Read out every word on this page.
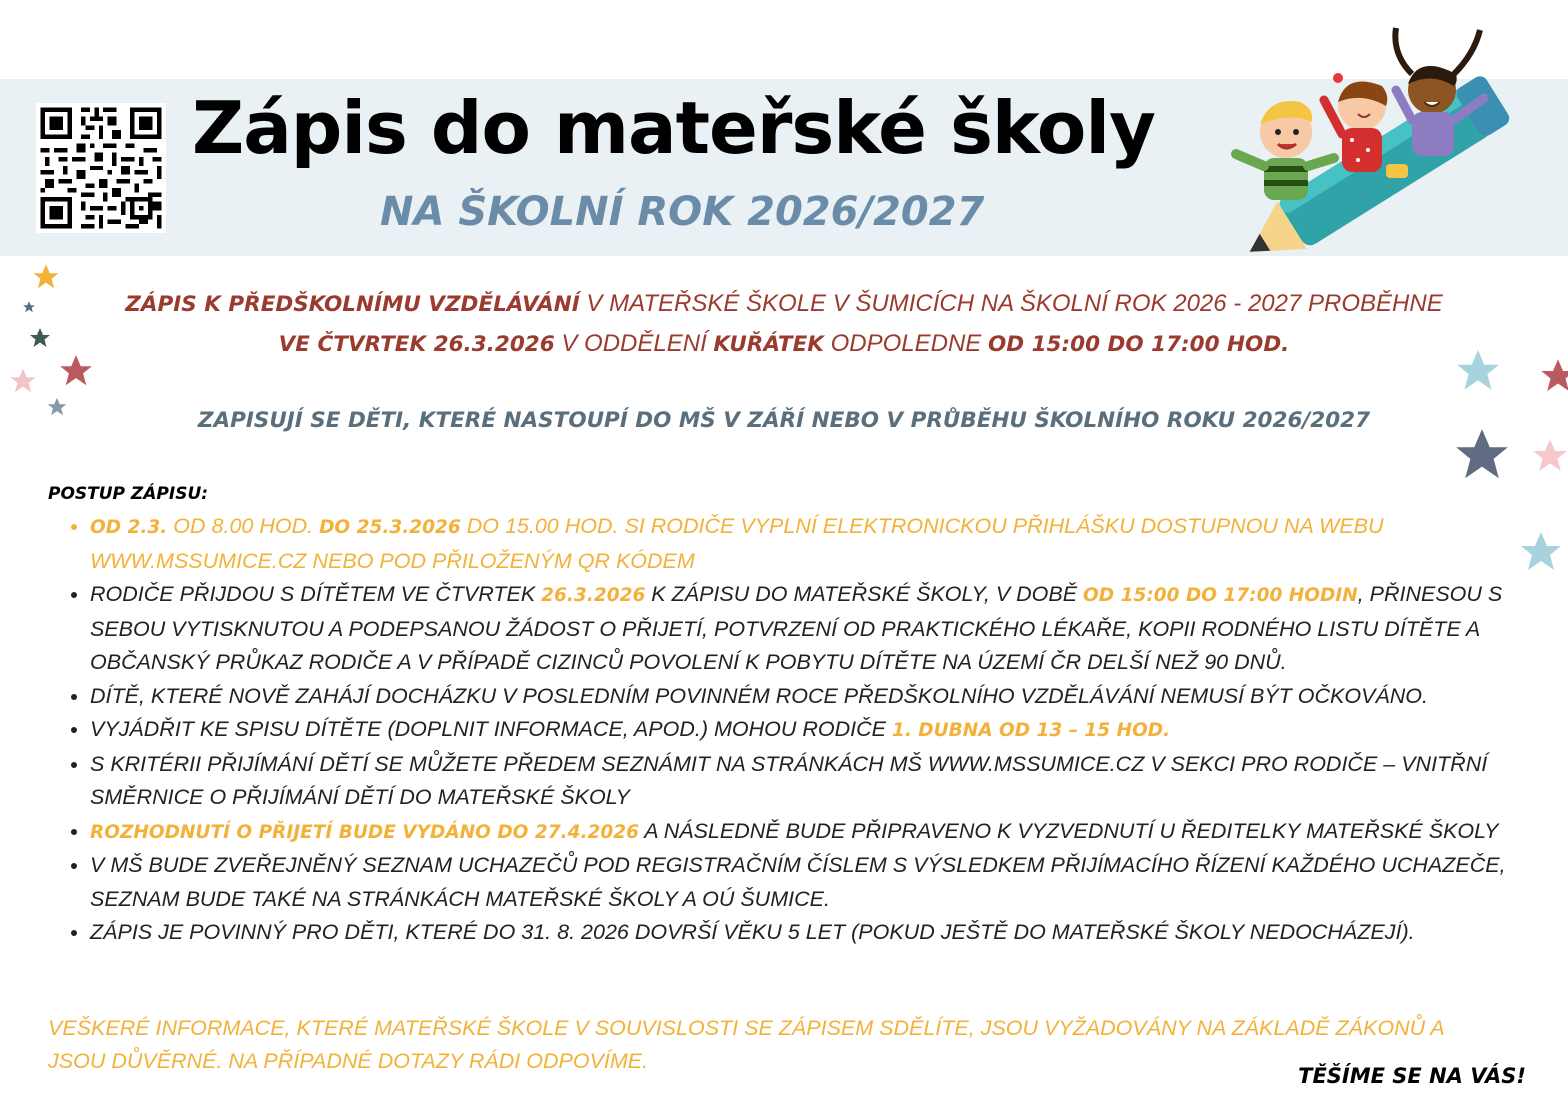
Zápis do mateřské školy
NA ŠKOLNÍ ROK 2026/2027
ZÁPIS K PŘEDŠKOLNÍMU VZDĚLÁVÁNÍ V MATEŘSKÉ ŠKOLE V ŠUMICÍCH NA ŠKOLNÍ ROK 2026 - 2027 PROBĚHNE
VE ČTVRTEK 26.3.2026 V ODDĚLENÍ KUŘÁTEK ODPOLEDNE OD 15:00 DO 17:00 HOD.
ZAPISUJÍ SE DĚTI, KTERÉ NASTOUPÍ DO MŠ V ZÁŘÍ NEBO V PRŮBĚHU ŠKOLNÍHO ROKU 2026/2027
POSTUP ZÁPISU:
• OD 2.3. OD 8.00 HOD. DO 25.3.2026 DO 15.00 HOD. SI RODIČE VYPLNÍ ELEKTRONICKOU PŘIHLÁŠKU DOSTUPNOU NA WEBU WWW.MSSUMICE.CZ NEBO POD PŘILOŽENÝM QR KÓDEM
• RODIČE PŘIJDOU S DÍTĚTEM VE ČTVRTEK 26.3.2026 K ZÁPISU DO MATEŘSKÉ ŠKOLY, V DOBĚ OD 15:00 DO 17:00 HODIN, PŘINESOU S SEBOU VYTISKNUTOU A PODEPSANOU ŽÁDOST O PŘIJETÍ, POTVRZENÍ OD PRAKTICKÉHO LÉKAŘE, KOPII RODNÉHO LISTU DÍTĚTE A OBČANSKÝ PRŮKAZ RODIČE A V PŘÍPADĚ CIZINCŮ POVOLENÍ K POBYTU DÍTĚTE NA ÚZEMÍ ČR DELŠÍ NEŽ 90 DNŮ.
• DÍTĚ, KTERÉ NOVĚ ZAHÁJÍ DOCHÁZKU V POSLEDNÍM POVINNÉM ROCE PŘEDŠKOLNÍHO VZDĚLÁVÁNÍ NEMUSÍ BÝT OČKOVÁNO.
• VYJÁDŘIT KE SPISU DÍTĚTE (DOPLNIT INFORMACE, APOD.) MOHOU RODIČE 1. DUBNA OD 13 – 15 HOD.
• S KRITÉRII PŘIJÍMÁNÍ DĚTÍ SE MŮŽETE PŘEDEM SEZNÁMIT NA STRÁNKÁCH MŠ WWW.MSSUMICE.CZ V SEKCI PRO RODIČE – VNITŘNÍ SMĚRNICE O PŘIJÍMÁNÍ DĚTÍ DO MATEŘSKÉ ŠKOLY
• ROZHODNUTÍ O PŘIJETÍ BUDE VYDÁNO DO 27.4.2026 A NÁSLEDNĚ BUDE PŘIPRAVENO K VYZVEDNUTÍ U ŘEDITELKY MATEŘSKÉ ŠKOLY
• V MŠ BUDE ZVEŘEJNĚNÝ SEZNAM UCHAZEČŮ POD REGISTRAČNÍM ČÍSLEM S VÝSLEDKEM PŘIJÍMACÍHO ŘÍZENÍ KAŽDÉHO UCHAZEČE, SEZNAM BUDE TAKÉ NA STRÁNKÁCH MATEŘSKÉ ŠKOLY A OÚ ŠUMICE.
• ZÁPIS JE POVINNÝ PRO DĚTI, KTERÉ DO 31. 8. 2026 DOVRŠÍ VĚKU 5 LET (POKUD JEŠTĚ DO MATEŘSKÉ ŠKOLY NEDOCHÁZEJÍ).
VEŠKERÉ INFORMACE, KTERÉ MATEŘSKÉ ŠKOLE V SOUVISLOSTI SE ZÁPISEM SDĚLÍTE, JSOU VYŽADOVÁNY NA ZÁKLADĚ ZÁKONŮ A JSOU DŮVĚRNÉ. NA PŘÍPADNÉ DOTAZY RÁDI ODPOVÍME.
TĚŠÍME SE NA VÁS!
